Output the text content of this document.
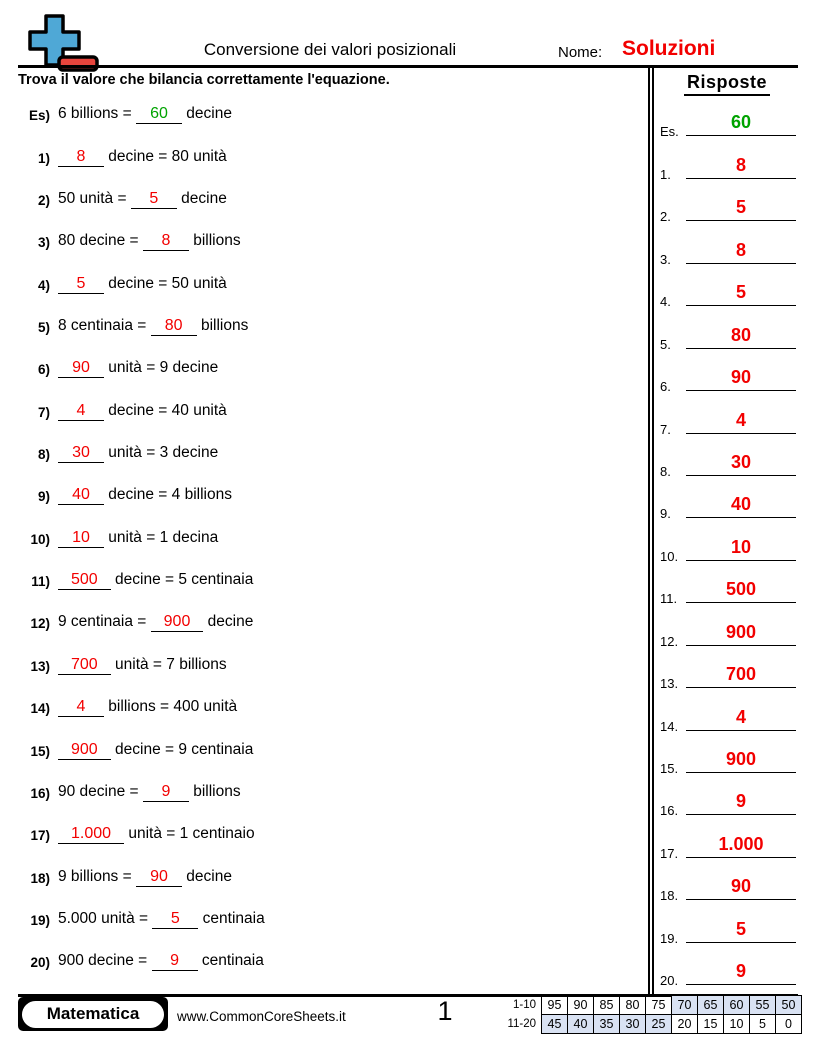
Conversione dei valori posizionali	Nome: Soluzioni
Trova il valore che bilancia correttamente l'equazione.	Risposte
Es.	60
1.	8
2.	5
3.	8
4.	5
5.	80
6.	90
7.	4
8.	30
9.	40
10.	10
11.	500
12.	900
13.	700
14.	4
15.	900
16.	9
17.	1.000
18.	90
19.	5
20.	9
Es) 6 billions = 60 decine
1)	8 decine = 80 unità
2) 50 unità = 5 decine
3) 80 decine = 8 billions
4)	5 decine = 50 unità
5) 8 centinaia = 80 billions
6)	90 unità = 9 decine
7)	4 decine = 40 unità
8)	30 unità = 3 decine
9)	40 decine = 4 billions
10)	10 unità = 1 decina
11)	500 decine = 5 centinaia
12) 9 centinaia = 900 decine
13)	700 unità = 7 billions
14)	4 billions = 400 unità
15)	900 decine = 9 centinaia
16) 90 decine = 9 billions
17)	1.000 unità = 1 centinaio
18) 9 billions = 90 decine
19) 5.000 unità = 5 centinaia
20) 900 decine = 9 centinaia
Matematica	www.CommonCoreSheets.it	1	1-10	95	90	85	80	75	70	65	60	55	50
11-20	45	40	35	30	25	20	15	10	5	0
